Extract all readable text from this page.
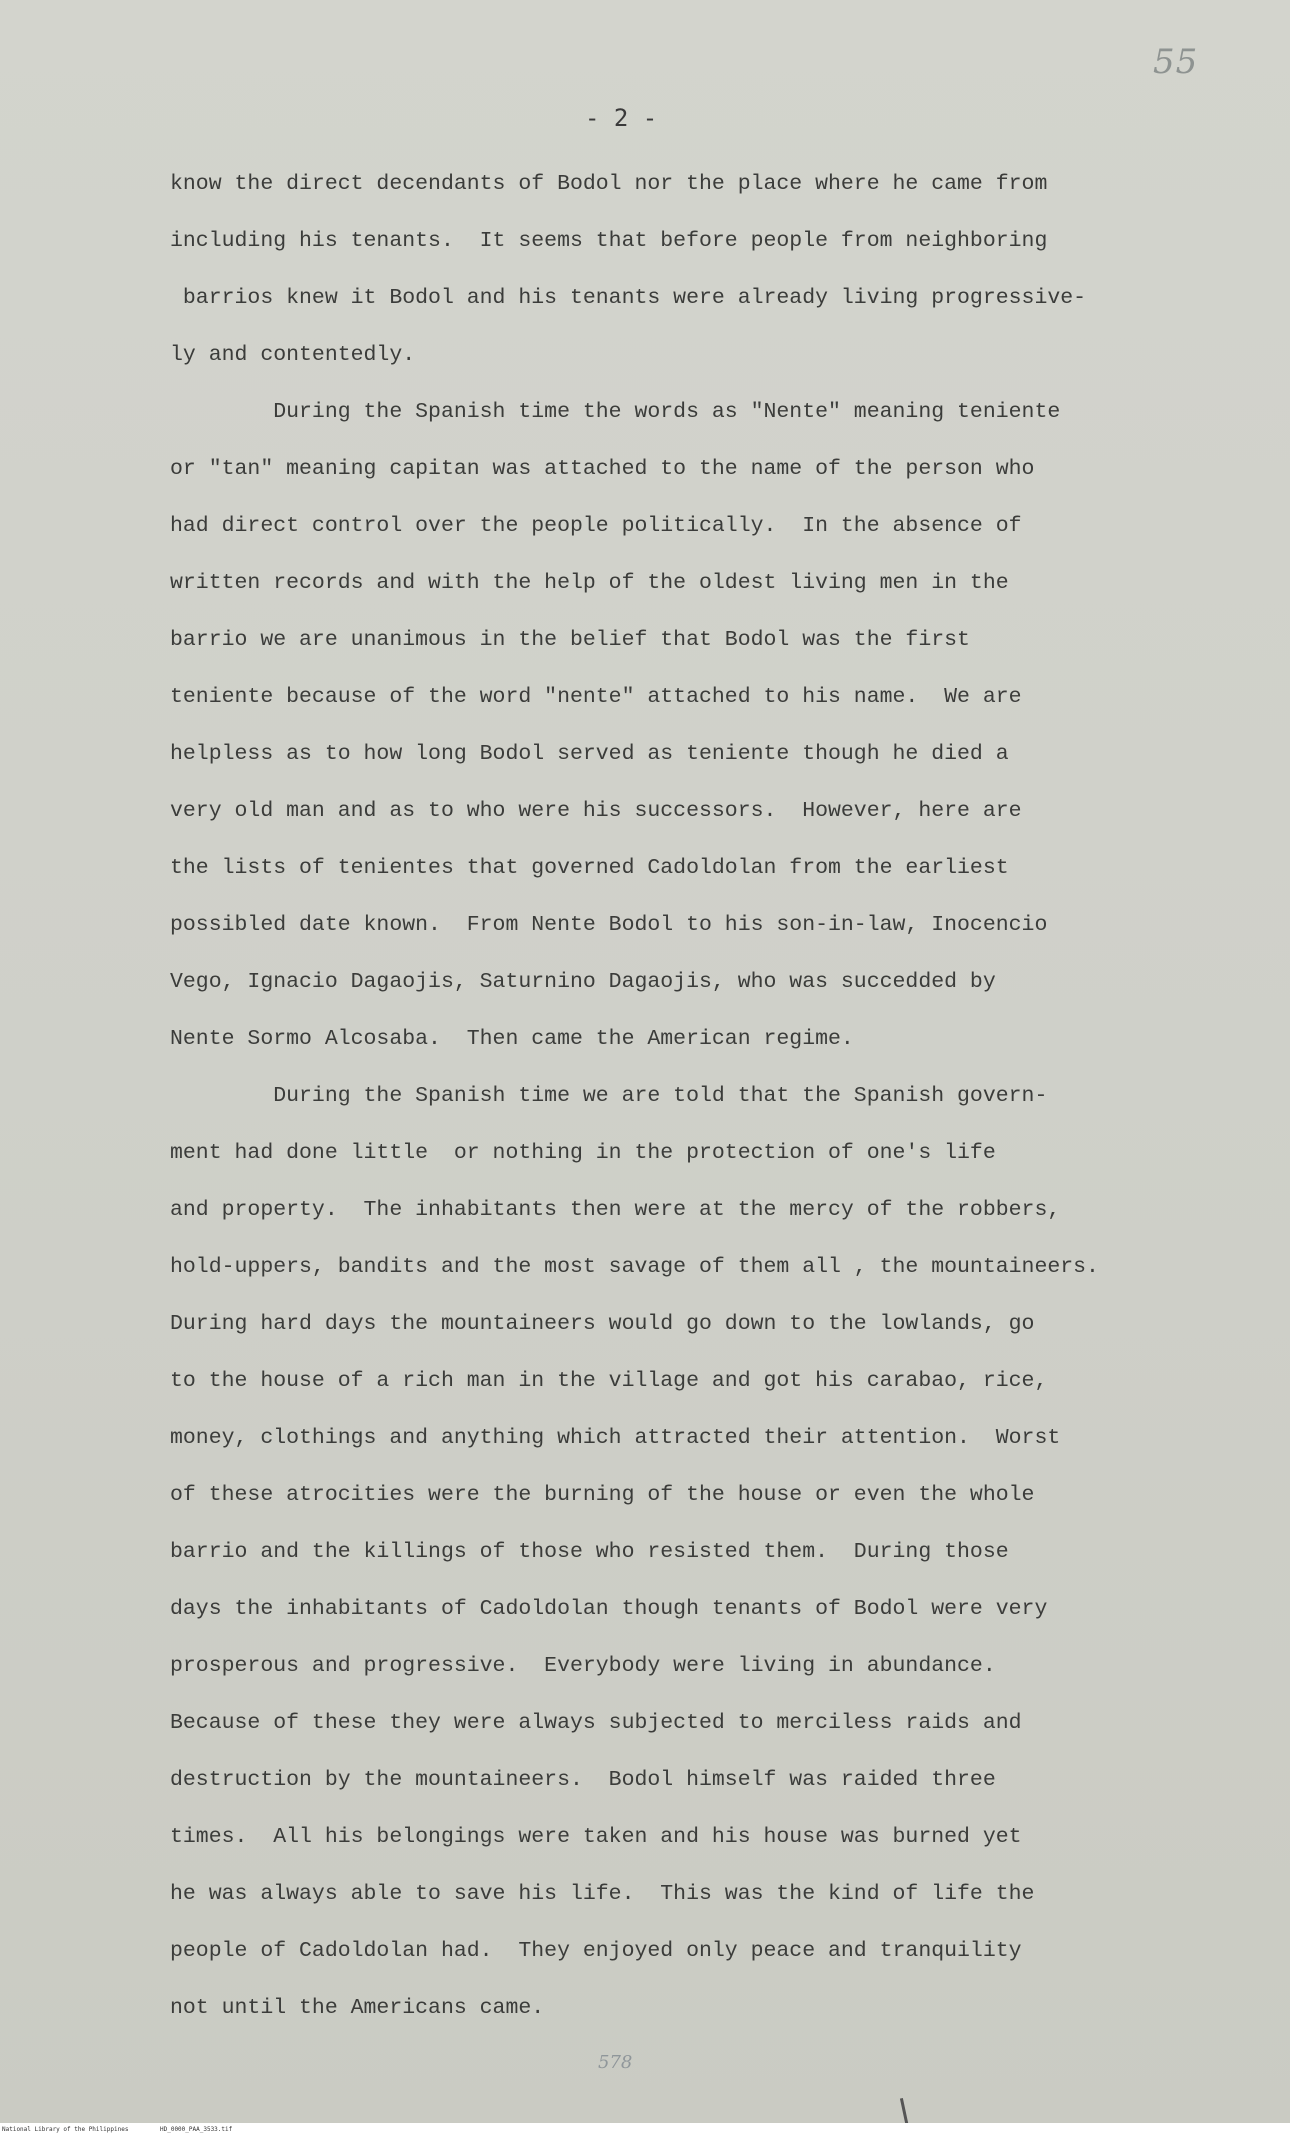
55
- 2 -
know the direct decendants of Bodol nor the place where he came from
including his tenants.  It seems that before people from neighboring
barrios knew it Bodol and his tenants were already living progressive-
ly and contentedly.
During the Spanish time the words as "Nente" meaning teniente
or "tan" meaning capitan was attached to the name of the person who
had direct control over the people politically.  In the absence of
written records and with the help of the oldest living men in the
barrio we are unanimous in the belief that Bodol was the first
teniente because of the word "nente" attached to his name.  We are
helpless as to how long Bodol served as teniente though he died a
very old man and as to who were his successors.  However, here are
the lists of tenientes that governed Cadoldolan from the earliest
possibled date known.  From Nente Bodol to his son-in-law, Inocencio
Vego, Ignacio Dagaojis, Saturnino Dagaojis, who was succedded by
Nente Sormo Alcosaba.  Then came the American regime.
During the Spanish time we are told that the Spanish govern-
ment had done little  or nothing in the protection of one's life
and property.  The inhabitants then were at the mercy of the robbers,
hold-uppers, bandits and the most savage of them all , the mountaineers.
During hard days the mountaineers would go down to the lowlands, go
to the house of a rich man in the village and got his carabao, rice,
money, clothings and anything which attracted their attention.  Worst
of these atrocities were the burning of the house or even the whole
barrio and the killings of those who resisted them.  During those
days the inhabitants of Cadoldolan though tenants of Bodol were very
prosperous and progressive.  Everybody were living in abundance.
Because of these they were always subjected to merciless raids and
destruction by the mountaineers.  Bodol himself was raided three
times.  All his belongings were taken and his house was burned yet
he was always able to save his life.  This was the kind of life the
people of Cadoldolan had.  They enjoyed only peace and tranquility
not until the Americans came.
578
National Library of the Philippines	HD_0000_PAA_3533.tif
